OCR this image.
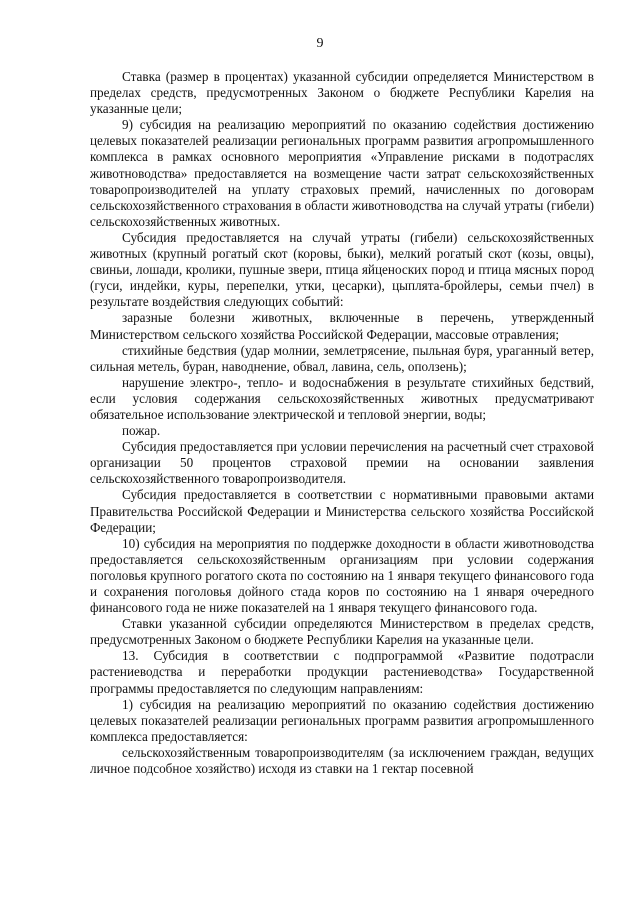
9

Ставка (размер в процентах) указанной субсидии определяется Министерством в пределах средств, предусмотренных Законом о бюджете Республики Карелия на указанные цели;

9) субсидия на реализацию мероприятий по оказанию содействия достижению целевых показателей реализации региональных программ развития агропромышленного комплекса в рамках основного мероприятия «Управление рисками в подотраслях животноводства» предоставляется на возмещение части затрат сельскохозяйственных товаропроизводителей на уплату страховых премий, начисленных по договорам сельскохозяйственного страхования в области животноводства на случай утраты (гибели) сельскохозяйственных животных.

Субсидия предоставляется на случай утраты (гибели) сельскохозяйственных животных (крупный рогатый скот (коровы, быки), мелкий рогатый скот (козы, овцы), свиньи, лошади, кролики, пушные звери, птица яйценоских пород и птица мясных пород (гуси, индейки, куры, перепелки, утки, цесарки), цыплята-бройлеры, семьи пчел) в результате воздействия следующих событий:

заразные болезни животных, включенные в перечень, утвержденный Министерством сельского хозяйства Российской Федерации, массовые отравления;

стихийные бедствия (удар молнии, землетрясение, пыльная буря, ураганный ветер, сильная метель, буран, наводнение, обвал, лавина, сель, оползень);

нарушение электро-, тепло- и водоснабжения в результате стихийных бедствий, если условия содержания сельскохозяйственных животных предусматривают обязательное использование электрической и тепловой энергии, воды;

пожар.

Субсидия предоставляется при условии перечисления на расчетный счет страховой организации 50 процентов страховой премии на основании заявления сельскохозяйственного товаропроизводителя.

Субсидия предоставляется в соответствии с нормативными правовыми актами Правительства Российской Федерации и Министерства сельского хозяйства Российской Федерации;

10) субсидия на мероприятия по поддержке доходности в области животноводства предоставляется сельскохозяйственным организациям при условии содержания поголовья крупного рогатого скота по состоянию на 1 января текущего финансового года и сохранения поголовья дойного стада коров по состоянию на 1 января очередного финансового года не ниже показателей на 1 января текущего финансового года.

Ставки указанной субсидии определяются Министерством в пределах средств, предусмотренных Законом о бюджете Республики Карелия на указанные цели.

13. Субсидия в соответствии с подпрограммой «Развитие подотрасли растениеводства и переработки продукции растениеводства» Государственной программы предоставляется по следующим направлениям:

1) субсидия на реализацию мероприятий по оказанию содействия достижению целевых показателей реализации региональных программ развития агропромышленного комплекса предоставляется:

сельскохозяйственным товаропроизводителям (за исключением граждан, ведущих личное подсобное хозяйство) исходя из ставки на 1 гектар посевной
